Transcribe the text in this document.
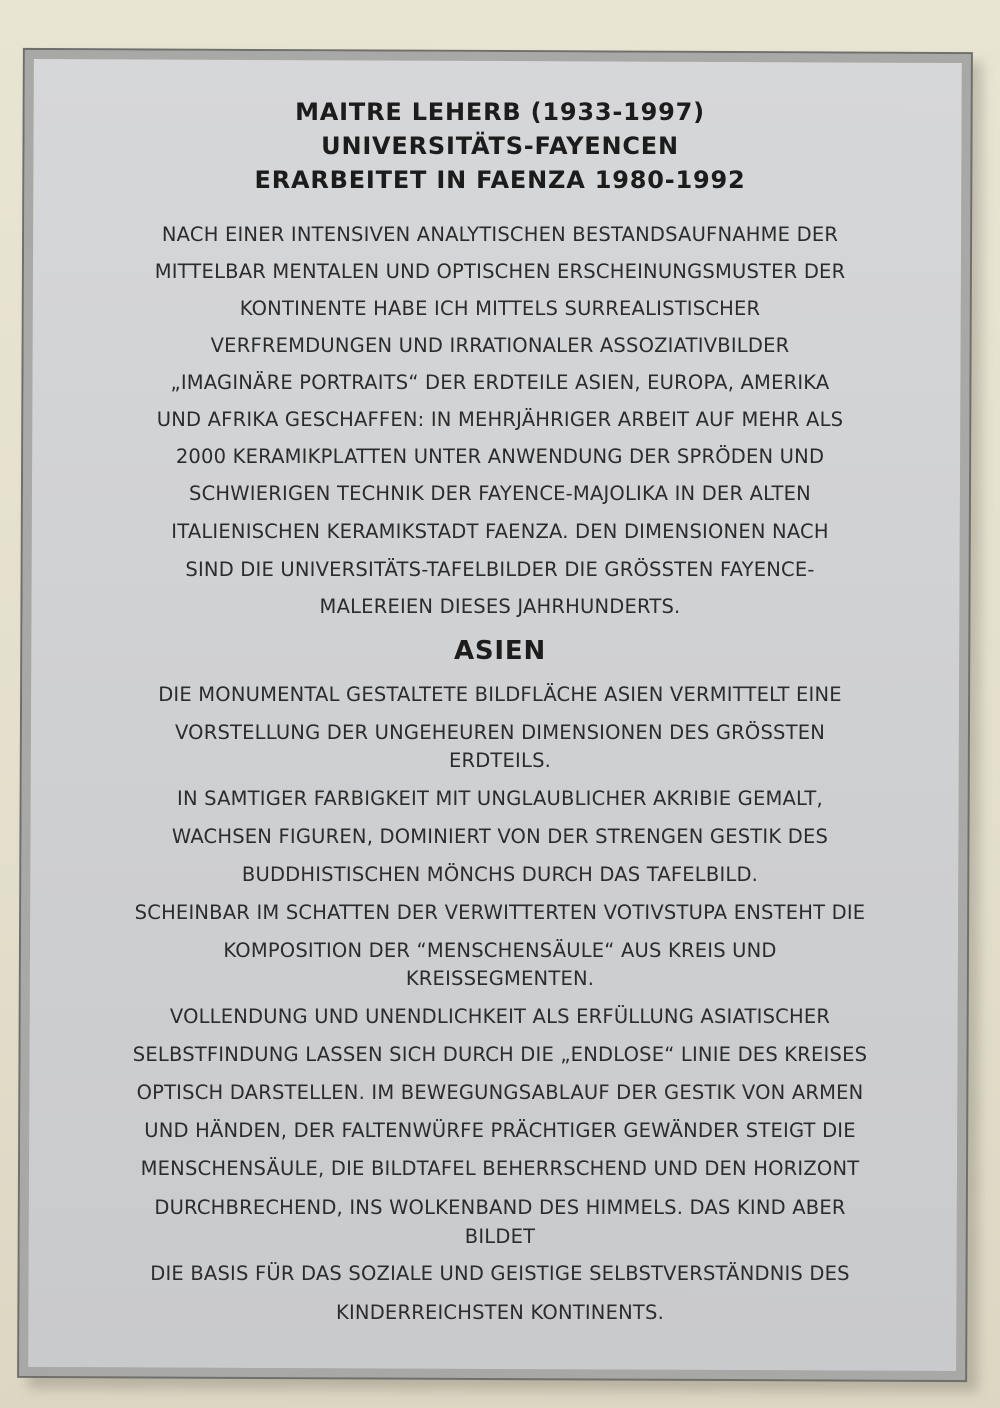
MAITRE LEHERB (1933-1997)
UNIVERSITÄTS-FAYENCEN
ERARBEITET IN FAENZA 1980-1992
NACH EINER INTENSIVEN ANALYTISCHEN BESTANDSAUFNAHME DER
MITTELBAR MENTALEN UND OPTISCHEN ERSCHEINUNGSMUSTER DER
KONTINENTE HABE ICH MITTELS SURREALISTISCHER
VERFREMDUNGEN UND IRRATIONALER ASSOZIATIVBILDER
„IMAGINÄRE PORTRAITS“ DER ERDTEILE ASIEN, EUROPA, AMERIKA
UND AFRIKA GESCHAFFEN: IN MEHRJÄHRIGER ARBEIT AUF MEHR ALS
2000 KERAMIKPLATTEN UNTER ANWENDUNG DER SPRÖDEN UND
SCHWIERIGEN TECHNIK DER FAYENCE-MAJOLIKA IN DER ALTEN
ITALIENISCHEN KERAMIKSTADT FAENZA. DEN DIMENSIONEN NACH
SIND DIE UNIVERSITÄTS-TAFELBILDER DIE GRÖSSTEN FAYENCE-
MALEREIEN DIESES JAHRHUNDERTS.
ASIEN
DIE MONUMENTAL GESTALTETE BILDFLÄCHE ASIEN VERMITTELT EINE
VORSTELLUNG DER UNGEHEUREN DIMENSIONEN DES GRÖSSTEN
ERDTEILS.
IN SAMTIGER FARBIGKEIT MIT UNGLAUBLICHER AKRIBIE GEMALT,
WACHSEN FIGUREN, DOMINIERT VON DER STRENGEN GESTIK DES
BUDDHISTISCHEN MÖNCHS DURCH DAS TAFELBILD.
SCHEINBAR IM SCHATTEN DER VERWITTERTEN VOTIVSTUPA ENSTEHT DIE
KOMPOSITION DER “MENSCHENSÄULE“ AUS KREIS UND
KREISSEGMENTEN.
VOLLENDUNG UND UNENDLICHKEIT ALS ERFÜLLUNG ASIATISCHER
SELBSTFINDUNG LASSEN SICH DURCH DIE „ENDLOSE“ LINIE DES KREISES
OPTISCH DARSTELLEN. IM BEWEGUNGSABLAUF DER GESTIK VON ARMEN
UND HÄNDEN, DER FALTENWÜRFE PRÄCHTIGER GEWÄNDER STEIGT DIE
MENSCHENSÄULE, DIE BILDTAFEL BEHERRSCHEND UND DEN HORIZONT
DURCHBRECHEND, INS WOLKENBAND DES HIMMELS. DAS KIND ABER
BILDET
DIE BASIS FÜR DAS SOZIALE UND GEISTIGE SELBSTVERSTÄNDNIS DES
KINDERREICHSTEN KONTINENTS.
